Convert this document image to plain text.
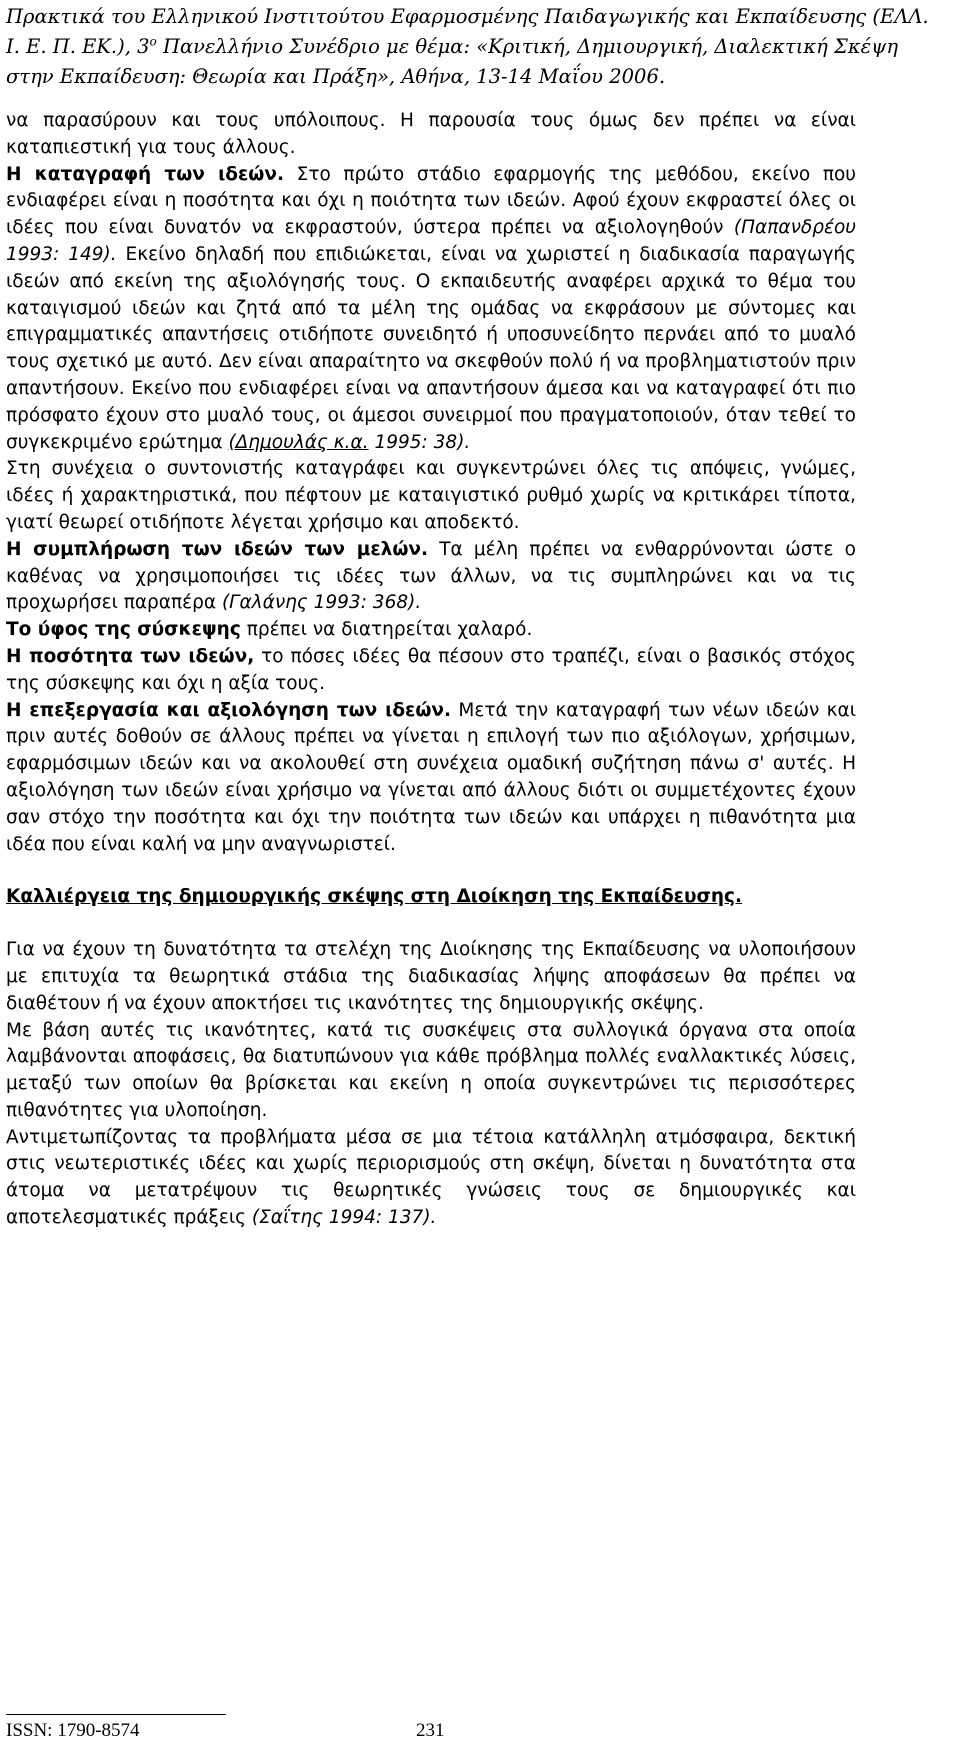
Πρακτικά του Ελληνικού Ινστιτούτου Εφαρμοσμένης Παιδαγωγικής και Εκπαίδευσης (ΕΛΛ.
Ι. Ε. Π. ΕΚ.), $3^o$ Πανελλήνιο Συνέδριο με θέμα: «Κριτική, Δημιουργική, Διαλεκτική Σκέψη
στην Εκπαίδευση: Θεωρία και Πράξη», Αθήνα, 13-14 Μαΐου 2006.

να παρασύρουν και τους υπόλοιπους. Η παρουσία τους όμως δεν πρέπει να είναι καταπιεστική για τους άλλους.

Η καταγραφή των ιδεών. Στο πρώτο στάδιο εφαρμογής της μεθόδου, εκείνο που ενδιαφέρει είναι η ποσότητα και όχι η ποιότητα των ιδεών. Αφού έχουν εκφραστεί όλες οι ιδέες που είναι δυνατόν να εκφραστούν, ύστερα πρέπει να αξιολογηθούν (Παπανδρέου 1993: 149). Εκείνο δηλαδή που επιδιώκεται, είναι να χωριστεί η διαδικασία παραγωγής ιδεών από εκείνη της αξιολόγησής τους. Ο εκπαιδευτής αναφέρει αρχικά το θέμα του καταιγισμού ιδεών και ζητά από τα μέλη της ομάδας να εκφράσουν με σύντομες και επιγραμματικές απαντήσεις οτιδήποτε συνειδητό ή υποσυνείδητο περνάει από το μυαλό τους σχετικό με αυτό. Δεν είναι απαραίτητο να σκεφθούν πολύ ή να προβληματιστούν πριν απαντήσουν. Εκείνο που ενδιαφέρει είναι να απαντήσουν άμεσα και να καταγραφεί ότι πιο πρόσφατο έχουν στο μυαλό τους, οι άμεσοι συνειρμοί που πραγματοποιούν, όταν τεθεί το συγκεκριμένο ερώτημα (Δημουλάς κ.α. 1995: 38).

Στη συνέχεια ο συντονιστής καταγράφει και συγκεντρώνει όλες τις απόψεις, γνώμες, ιδέες ή χαρακτηριστικά, που πέφτουν με καταιγιστικό ρυθμό χωρίς να κριτικάρει τίποτα, γιατί θεωρεί οτιδήποτε λέγεται χρήσιμο και αποδεκτό.

Η συμπλήρωση των ιδεών των μελών. Τα μέλη πρέπει να ενθαρρύνονται ώστε ο καθένας να χρησιμοποιήσει τις ιδέες των άλλων, να τις συμπληρώνει και να τις προχωρήσει παραπέρα (Γαλάνης 1993: 368).

Το ύφος της σύσκεψης πρέπει να διατηρείται χαλαρό.

Η ποσότητα των ιδεών, το πόσες ιδέες θα πέσουν στο τραπέζι, είναι ο βασικός στόχος της σύσκεψης και όχι η αξία τους.

Η επεξεργασία και αξιολόγηση των ιδεών. Μετά την καταγραφή των νέων ιδεών και πριν αυτές δοθούν σε άλλους πρέπει να γίνεται η επιλογή των πιο αξιόλογων, χρήσιμων, εφαρμόσιμων ιδεών και να ακολουθεί στη συνέχεια ομαδική συζήτηση πάνω σ' αυτές. Η αξιολόγηση των ιδεών είναι χρήσιμο να γίνεται από άλλους διότι οι συμμετέχοντες έχουν σαν στόχο την ποσότητα και όχι την ποιότητα των ιδεών και υπάρχει η πιθανότητα μια ιδέα που είναι καλή να μην αναγνωριστεί.

Καλλιέργεια της δημιουργικής σκέψης στη Διοίκηση της Εκπαίδευσης.

Για να έχουν τη δυνατότητα τα στελέχη της Διοίκησης της Εκπαίδευσης να υλοποιήσουν με επιτυχία τα θεωρητικά στάδια της διαδικασίας λήψης αποφάσεων θα πρέπει να διαθέτουν ή να έχουν αποκτήσει τις ικανότητες της δημιουργικής σκέψης.

Με βάση αυτές τις ικανότητες, κατά τις συσκέψεις στα συλλογικά όργανα στα οποία λαμβάνονται αποφάσεις, θα διατυπώνουν για κάθε πρόβλημα πολλές εναλλακτικές λύσεις, μεταξύ των οποίων θα βρίσκεται και εκείνη η οποία συγκεντρώνει τις περισσότερες πιθανότητες για υλοποίηση.

Αντιμετωπίζοντας τα προβλήματα μέσα σε μια τέτοια κατάλληλη ατμόσφαιρα, δεκτική στις νεωτεριστικές ιδέες και χωρίς περιορισμούς στη σκέψη, δίνεται η δυνατότητα στα άτομα να μετατρέψουν τις θεωρητικές γνώσεις τους σε δημιουργικές και αποτελεσματικές πράξεις (Σαΐτης 1994: 137).

ISSN: 1790-8574	231
